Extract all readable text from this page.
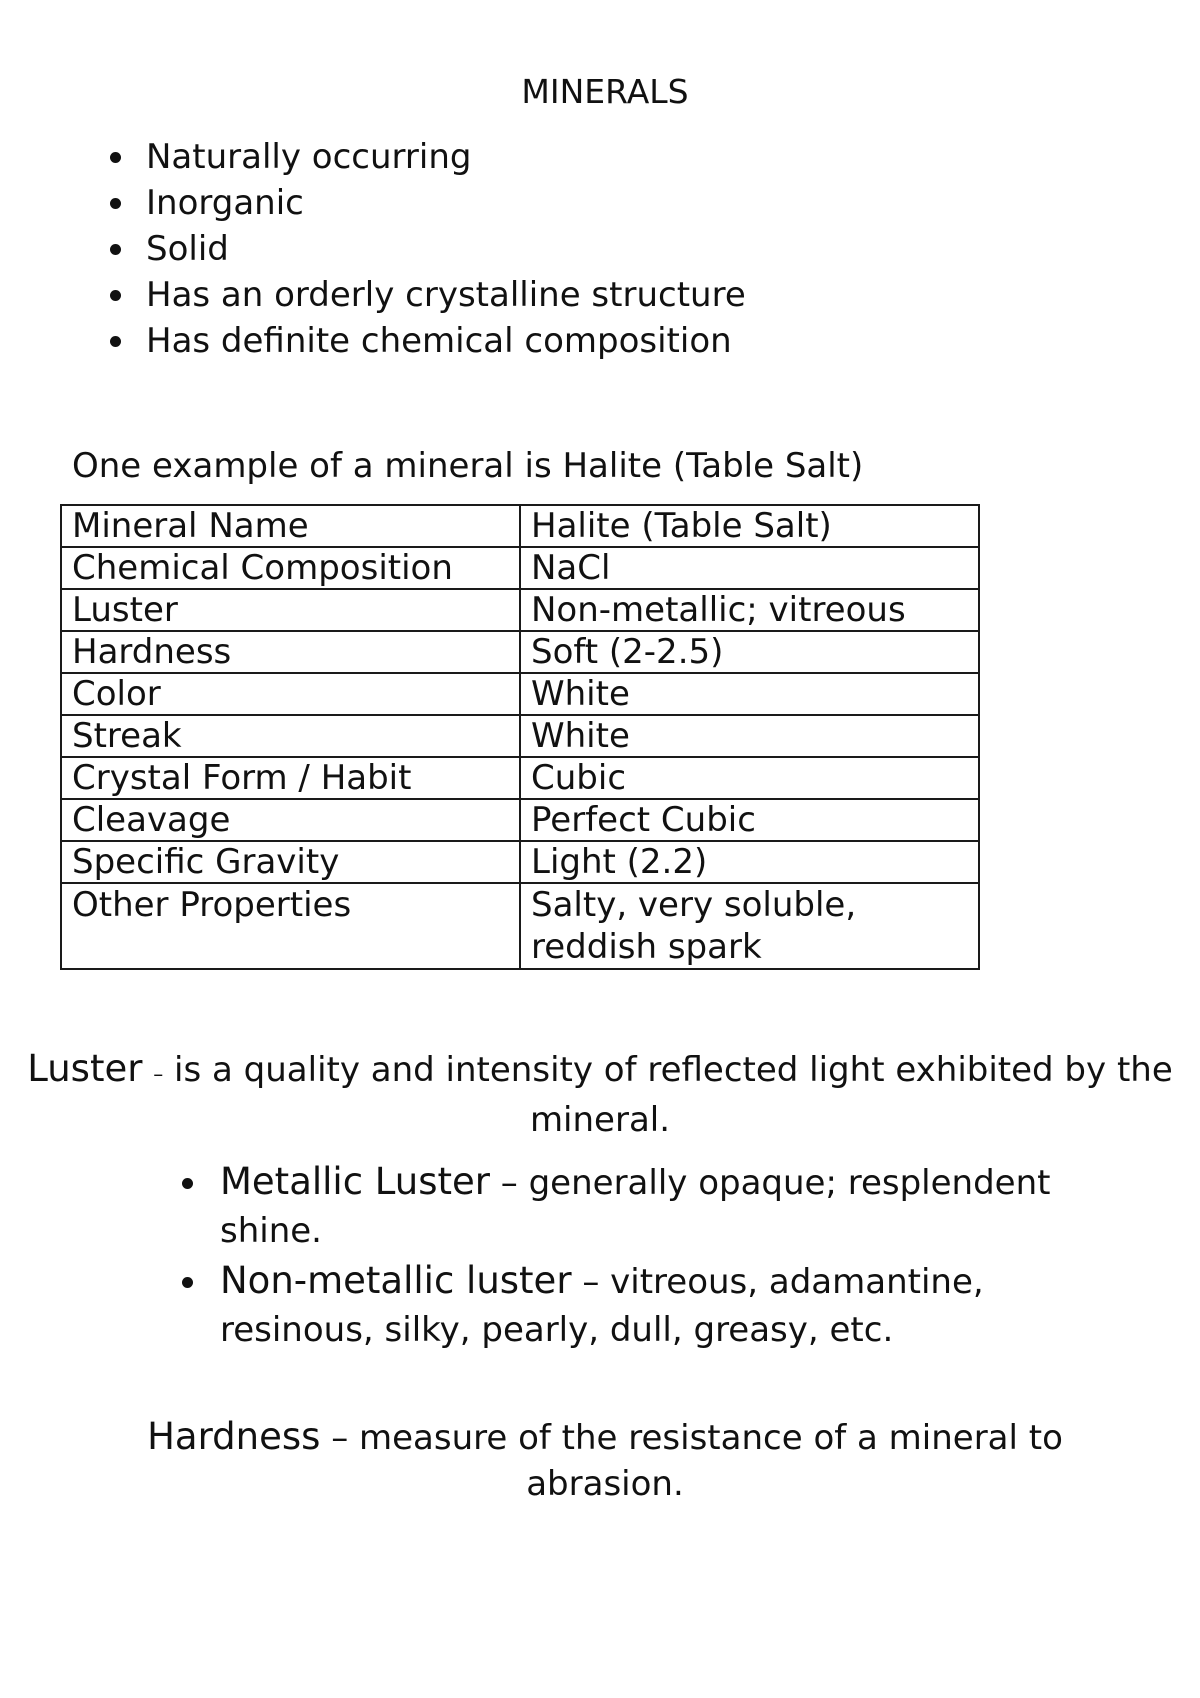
MINERALS
Naturally occurring
Inorganic
Solid
Has an orderly crystalline structure
Has definite chemical composition
One example of a mineral is Halite (Table Salt)
Mineral Name	Halite (Table Salt)
Chemical Composition	NaCl
Luster	Non-metallic; vitreous
Hardness	Soft (2-2.5)
Color	White
Streak	White
Crystal Form / Habit	Cubic
Cleavage	Perfect Cubic
Specific Gravity	Light (2.2)
Other Properties	Salty, very soluble, reddish spark
Luster – is a quality and intensity of reflected light exhibited by the mineral.
Metallic Luster – generally opaque; resplendent shine.
Non-metallic luster – vitreous, adamantine, resinous, silky, pearly, dull, greasy, etc.
Hardness – measure of the resistance of a mineral to abrasion.
